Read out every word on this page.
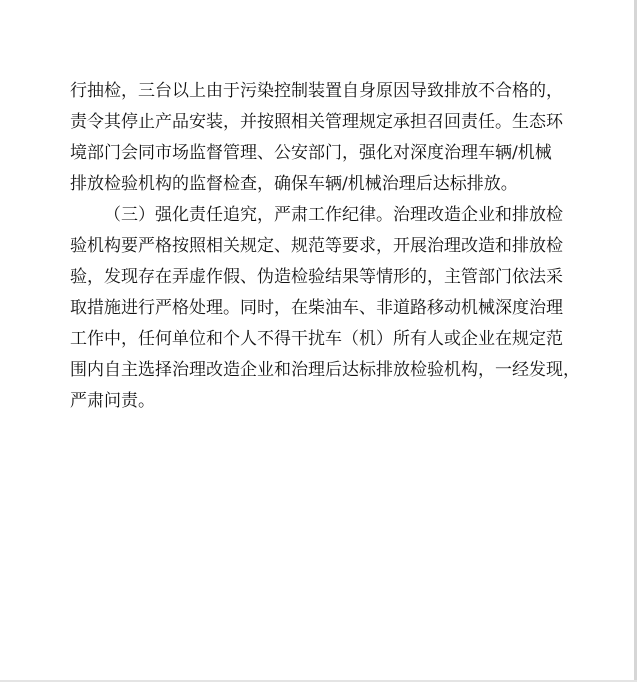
行抽检，三台以上由于污染控制装置自身原因导致排放不合格的，
责令其停止产品安装，并按照相关管理规定承担召回责任。生态环
境部门会同市场监督管理、公安部门，强化对深度治理车辆/机械
排放检验机构的监督检查，确保车辆/机械治理后达标排放。
（三）强化责任追究，严肃工作纪律。治理改造企业和排放检
验机构要严格按照相关规定、规范等要求，开展治理改造和排放检
验，发现存在弄虚作假、伪造检验结果等情形的，主管部门依法采
取措施进行严格处理。同时，在柴油车、非道路移动机械深度治理
工作中，任何单位和个人不得干扰车（机）所有人或企业在规定范
围内自主选择治理改造企业和治理后达标排放检验机构，一经发现，
严肃问责。
